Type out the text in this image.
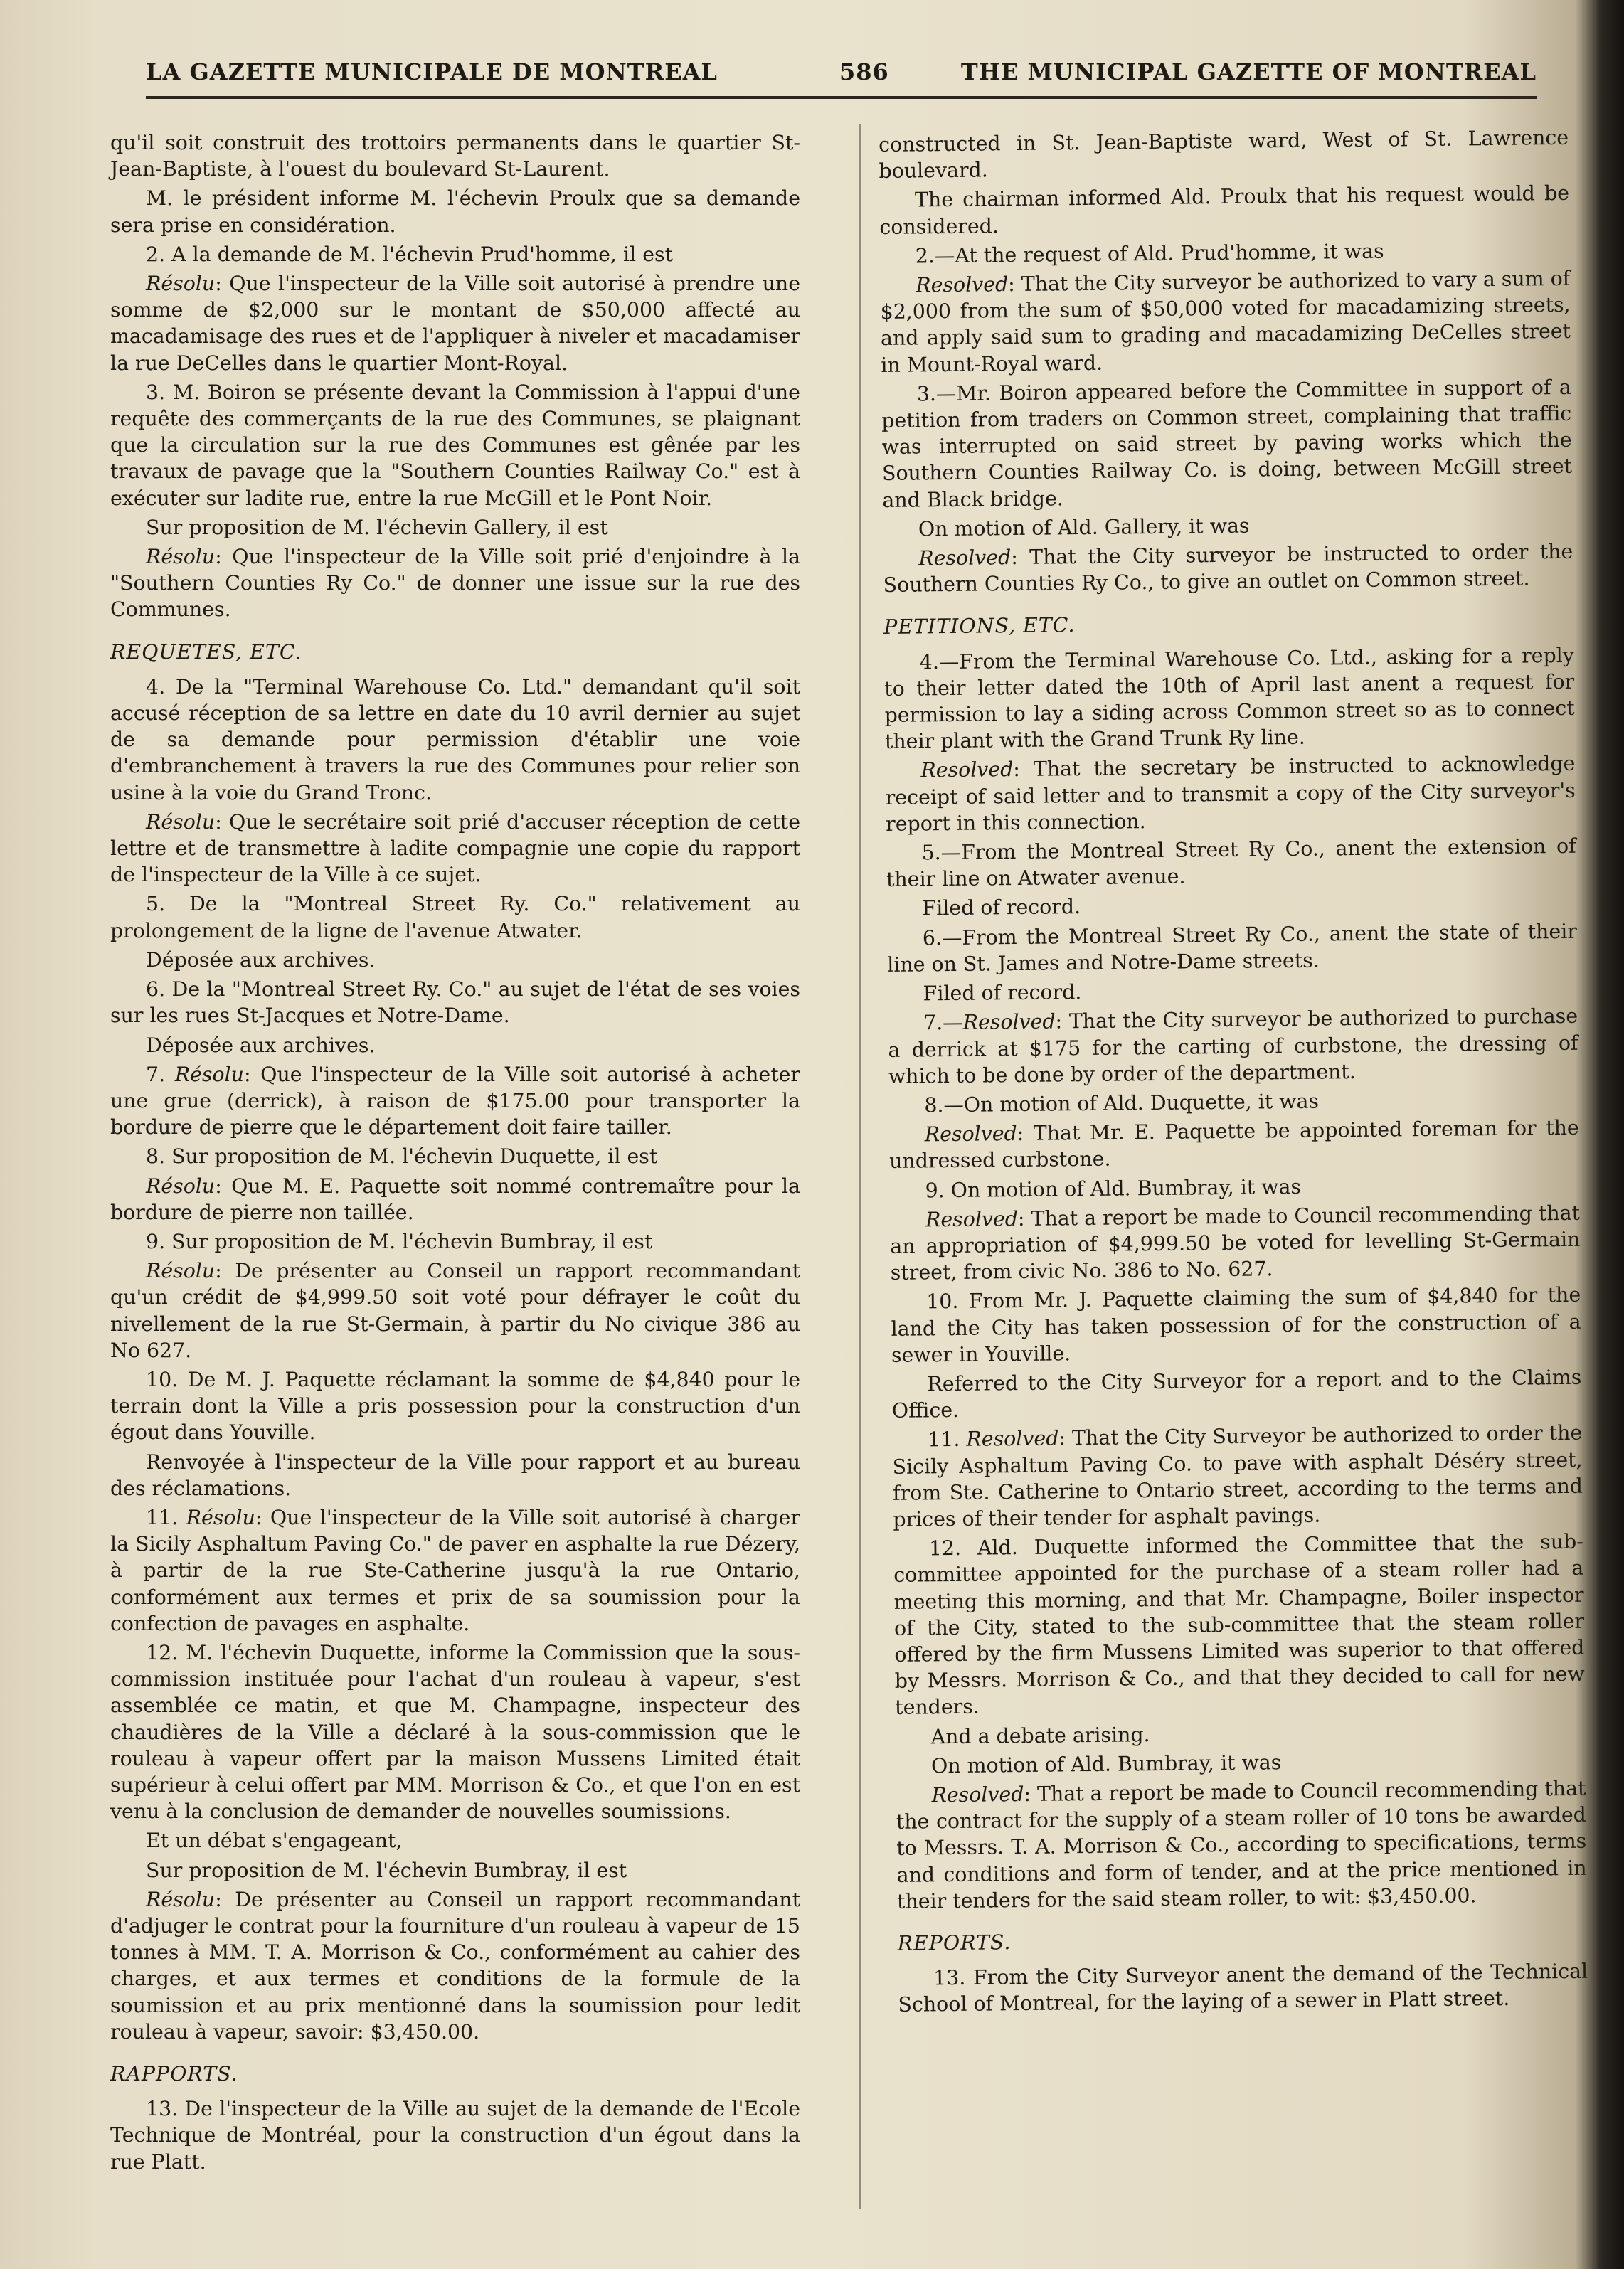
LA GAZETTE MUNICIPALE DE MONTREAL	586	THE MUNICIPAL GAZETTE OF MONTREAL

qu'il soit construit des trottoirs permanents dans le quartier St-Jean-Baptiste, à l'ouest du boulevard St-Laurent.

M. le président informe M. l'échevin Proulx que sa demande sera prise en considération.

2. A la demande de M. l'échevin Prud'homme, il est

Résolu: Que l'inspecteur de la Ville soit autorisé à prendre une somme de $2,000 sur le montant de $50,000 affecté au macadamisage des rues et de l'appliquer à niveler et macadamiser la rue DeCelles dans le quartier Mont-Royal.

3. M. Boiron se présente devant la Commission à l'appui d'une requête des commerçants de la rue des Communes, se plaignant que la circulation sur la rue des Communes est gênée par les travaux de pavage que la "Southern Counties Railway Co." est à exécuter sur ladite rue, entre la rue McGill et le Pont Noir.

Sur proposition de M. l'échevin Gallery, il est

Résolu: Que l'inspecteur de la Ville soit prié d'enjoindre à la "Southern Counties Ry Co." de donner une issue sur la rue des Communes.

REQUETES, ETC.

4. De la "Terminal Warehouse Co. Ltd." demandant qu'il soit accusé réception de sa lettre en date du 10 avril dernier au sujet de sa demande pour permission d'établir une voie d'embranchement à travers la rue des Communes pour relier son usine à la voie du Grand Tronc.

Résolu: Que le secrétaire soit prié d'accuser réception de cette lettre et de transmettre à ladite compagnie une copie du rapport de l'inspecteur de la Ville à ce sujet.

5. De la "Montreal Street Ry. Co." relativement au prolongement de la ligne de l'avenue Atwater.

Déposée aux archives.

6. De la "Montreal Street Ry. Co." au sujet de l'état de ses voies sur les rues St-Jacques et Notre-Dame.

Déposée aux archives.

7. Résolu: Que l'inspecteur de la Ville soit autorisé à acheter une grue (derrick), à raison de $175.00 pour transporter la bordure de pierre que le département doit faire tailler.

8. Sur proposition de M. l'échevin Duquette, il est

Résolu: Que M. E. Paquette soit nommé contremaître pour la bordure de pierre non taillée.

9. Sur proposition de M. l'échevin Bumbray, il est

Résolu: De présenter au Conseil un rapport recommandant qu'un crédit de $4,999.50 soit voté pour défrayer le coût du nivellement de la rue St-Germain, à partir du No civique 386 au No 627.

10. De M. J. Paquette réclamant la somme de $4,840 pour le terrain dont la Ville a pris possession pour la construction d'un égout dans Youville.

Renvoyée à l'inspecteur de la Ville pour rapport et au bureau des réclamations.

11. Résolu: Que l'inspecteur de la Ville soit autorisé à charger la Sicily Asphaltum Paving Co." de paver en asphalte la rue Dézery, à partir de la rue Ste-Catherine jusqu'à la rue Ontario, conformément aux termes et prix de sa soumission pour la confection de pavages en asphalte.

12. M. l'échevin Duquette, informe la Commission que la sous-commission instituée pour l'achat d'un rouleau à vapeur, s'est assemblée ce matin, et que M. Champagne, inspecteur des chaudières de la Ville a déclaré à la sous-commission que le rouleau à vapeur offert par la maison Mussens Limited était supérieur à celui offert par MM. Morrison & Co., et que l'on en est venu à la conclusion de demander de nouvelles soumissions.

Et un débat s'engageant,

Sur proposition de M. l'échevin Bumbray, il est

Résolu: De présenter au Conseil un rapport recommandant d'adjuger le contrat pour la fourniture d'un rouleau à vapeur de 15 tonnes à MM. T. A. Morrison & Co., conformément au cahier des charges, et aux termes et conditions de la formule de la soumission et au prix mentionné dans la soumission pour ledit rouleau à vapeur, savoir: $3,450.00.

RAPPORTS.

13. De l'inspecteur de la Ville au sujet de la demande de l'Ecole Technique de Montréal, pour la construction d'un égout dans la rue Platt.

constructed in St. Jean-Baptiste ward, West of St. Lawrence boulevard.

The chairman informed Ald. Proulx that his request would be considered.

2.—At the request of Ald. Prud'homme, it was

Resolved: That the City surveyor be authorized to vary a sum of $2,000 from the sum of $50,000 voted for macadamizing streets, and apply said sum to grading and macadamizing DeCelles street in Mount-Royal ward.

3.—Mr. Boiron appeared before the Committee in support of a petition from traders on Common street, complaining that traffic was interrupted on said street by paving works which the Southern Counties Railway Co. is doing, between McGill street and Black bridge.

On motion of Ald. Gallery, it was

Resolved: That the City surveyor be instructed to order the Southern Counties Ry Co., to give an outlet on Common street.

PETITIONS, ETC.

4.—From the Terminal Warehouse Co. Ltd., asking for a reply to their letter dated the 10th of April last anent a request for permission to lay a siding across Common street so as to connect their plant with the Grand Trunk Ry line.

Resolved: That the secretary be instructed to acknowledge receipt of said letter and to transmit a copy of the City surveyor's report in this connection.

5.—From the Montreal Street Ry Co., anent the extension of their line on Atwater avenue.

Filed of record.

6.—From the Montreal Street Ry Co., anent the state of their line on St. James and Notre-Dame streets.

Filed of record.

7.—Resolved: That the City surveyor be authorized to purchase a derrick at $175 for the carting of curbstone, the dressing of which to be done by order of the department.

8.—On motion of Ald. Duquette, it was

Resolved: That Mr. E. Paquette be appointed foreman for the undressed curbstone.

9. On motion of Ald. Bumbray, it was

Resolved: That a report be made to Council recommending that an appropriation of $4,999.50 be voted for levelling St-Germain street, from civic No. 386 to No. 627.

10. From Mr. J. Paquette claiming the sum of $4,840 for the land the City has taken possession of for the construction of a sewer in Youville.

Referred to the City Surveyor for a report and to the Claims Office.

11. Resolved: That the City Surveyor be authorized to order the Sicily Asphaltum Paving Co. to pave with asphalt Déséry street, from Ste. Catherine to Ontario street, according to the terms and prices of their tender for asphalt pavings.

12. Ald. Duquette informed the Committee that the sub-committee appointed for the purchase of a steam roller had a meeting this morning, and that Mr. Champagne, Boiler inspector of the City, stated to the sub-committee that the steam roller offered by the firm Mussens Limited was superior to that offered by Messrs. Morrison & Co., and that they decided to call for new tenders.

And a debate arising.

On motion of Ald. Bumbray, it was

Resolved: That a report be made to Council recommending that the contract for the supply of a steam roller of 10 tons be awarded to Messrs. T. A. Morrison & Co., according to specifications, terms and conditions and form of tender, and at the price mentioned in their tenders for the said steam roller, to wit: $3,450.00.

REPORTS.

13. From the City Surveyor anent the demand of the Technical School of Montreal, for the laying of a sewer in Platt street.
